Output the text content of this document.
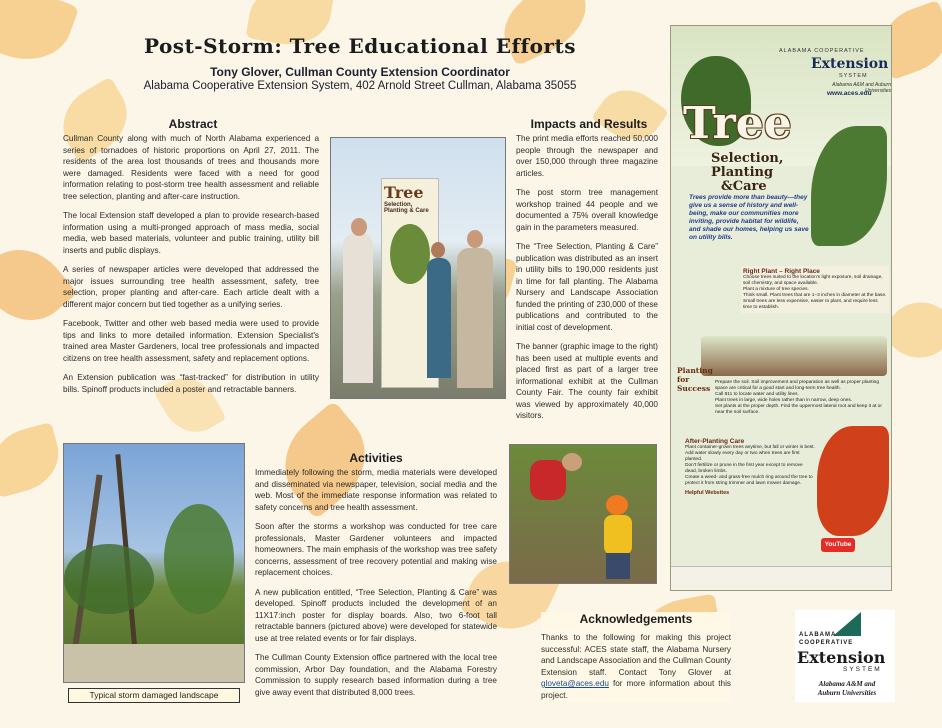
Post-Storm: Tree Educational Efforts
Tony Glover, Cullman County Extension Coordinator
Alabama Cooperative Extension System, 402 Arnold Street Cullman, Alabama 35055
Abstract

Cullman County along with much of North Alabama experienced a series of tornadoes of historic proportions on April 27, 2011. The residents of the area lost thousands of trees and thousands more were damaged. Residents were faced with a need for good information relating to post-storm tree health assessment and reliable tree selection, planting and after-care instruction.

The local Extension staff developed a plan to provide research-based information using a multi-pronged approach of mass media, social media, web based materials, volunteer and public training, utility bill inserts and public displays.

A series of newspaper articles were developed that addressed the major issues surrounding tree health assessment, safety, tree selection, proper planting and after-care. Each article dealt with a different major concern but tied together as a unifying series.

Facebook, Twitter and other web based media were used to provide tips and links to more detailed information. Extension Specialist's trained area Master Gardeners, local tree professionals and impacted citizens on tree health assessment, safety and replacement options.

An Extension publication was “fast-tracked” for distribution in utility bills. Spinoff products included a poster and retractable banners.

Tree
Selection, Planting & Care
Impacts and Results

The print media efforts reached 50,000 people through the newspaper and over 150,000 through three magazine articles.

The post storm tree management workshop trained 44 people and we documented a 75% overall knowledge gain in the parameters measured.

The “Tree Selection, Planting & Care” publication was distributed as an insert in utility bills to 190,000 residents just in time for fall planting. The Alabama Nursery and Landscape Association funded the printing of 230,000 of these publications and contributed to the initial cost of development.

The banner (graphic image to the right) has been used at multiple events and placed first as part of a larger tree informational exhibit at the Cullman County Fair. The county fair exhibit was viewed by approximately 40,000 visitors.

ALABAMA COOPERATIVE
Extension
SYSTEM
Alabama A&M and Auburn Universities
www.aces.edu
Tree
Selection,
Planting
&Care
Trees provide more than beauty—they give us a sense of history and well-being, make our communities more inviting, provide habitat for wildlife, and shade our homes, helping us save on utility bills.
Right Plant – Right Place
Choose trees suited to the location's light exposure, soil drainage, soil chemistry, and space available.
Plant a mixture of tree species.
Think small. Plant trees that are 1–3 inches in diameter at the base. Small trees are less expensive, easier to plant, and require less time to establish.
Planting for Success
Prepare the soil. Soil improvement and preparation as well as proper planting space are critical for a good start and long-term tree health.
Call 811 to locate water and utility lines.
Plant trees in large, wide holes rather than in narrow, deep ones.
Set plants at the proper depth. Find the uppermost lateral root and keep it at or near the soil surface.
After-Planting Care
Plant container-grown trees anytime, but fall or winter is best.
Add water slowly every day or two when trees are first planted.
Don't fertilize or prune in the first year except to remove dead, broken limbs.
Create a weed- and grass-free mulch ring around the tree to protect it from string trimmer and lawn mower damage.
Helpful Websites
YouTube
Typical storm damaged landscape
Activities

Immediately following the storm, media materials were developed and disseminated via newspaper, television, social media and the web. Most of the immediate response information was related to safety concerns and tree health assessment.

Soon after the storms a workshop was conducted for tree care professionals, Master Gardener volunteers and impacted homeowners. The main emphasis of the workshop was tree safety concerns, assessment of tree recovery potential and making wise replacement choices.

A new publication entitled, “Tree Selection, Planting & Care” was developed. Spinoff products included the development of an 11X17:inch poster for display boards. Also, two 6-foot tall retractable banners (pictured above) were developed for statewide use at tree related events or for fair displays.

The Cullman County Extension office partnered with the local tree commission, Arbor Day foundation, and the Alabama Forestry Commission to supply research based information during a tree give away event that distributed 8,000 trees.

Acknowledgements
Thanks to the following for making this project successful: ACES state staff, the Alabama Nursery and Landscape Association and the Cullman County Extension staff. Contact Tony Glover at gloveta@aces.edu for more information about this project.
ALABAMA
COOPERATIVE
Extension
SYSTEM
Alabama A&M and
Auburn Universities
